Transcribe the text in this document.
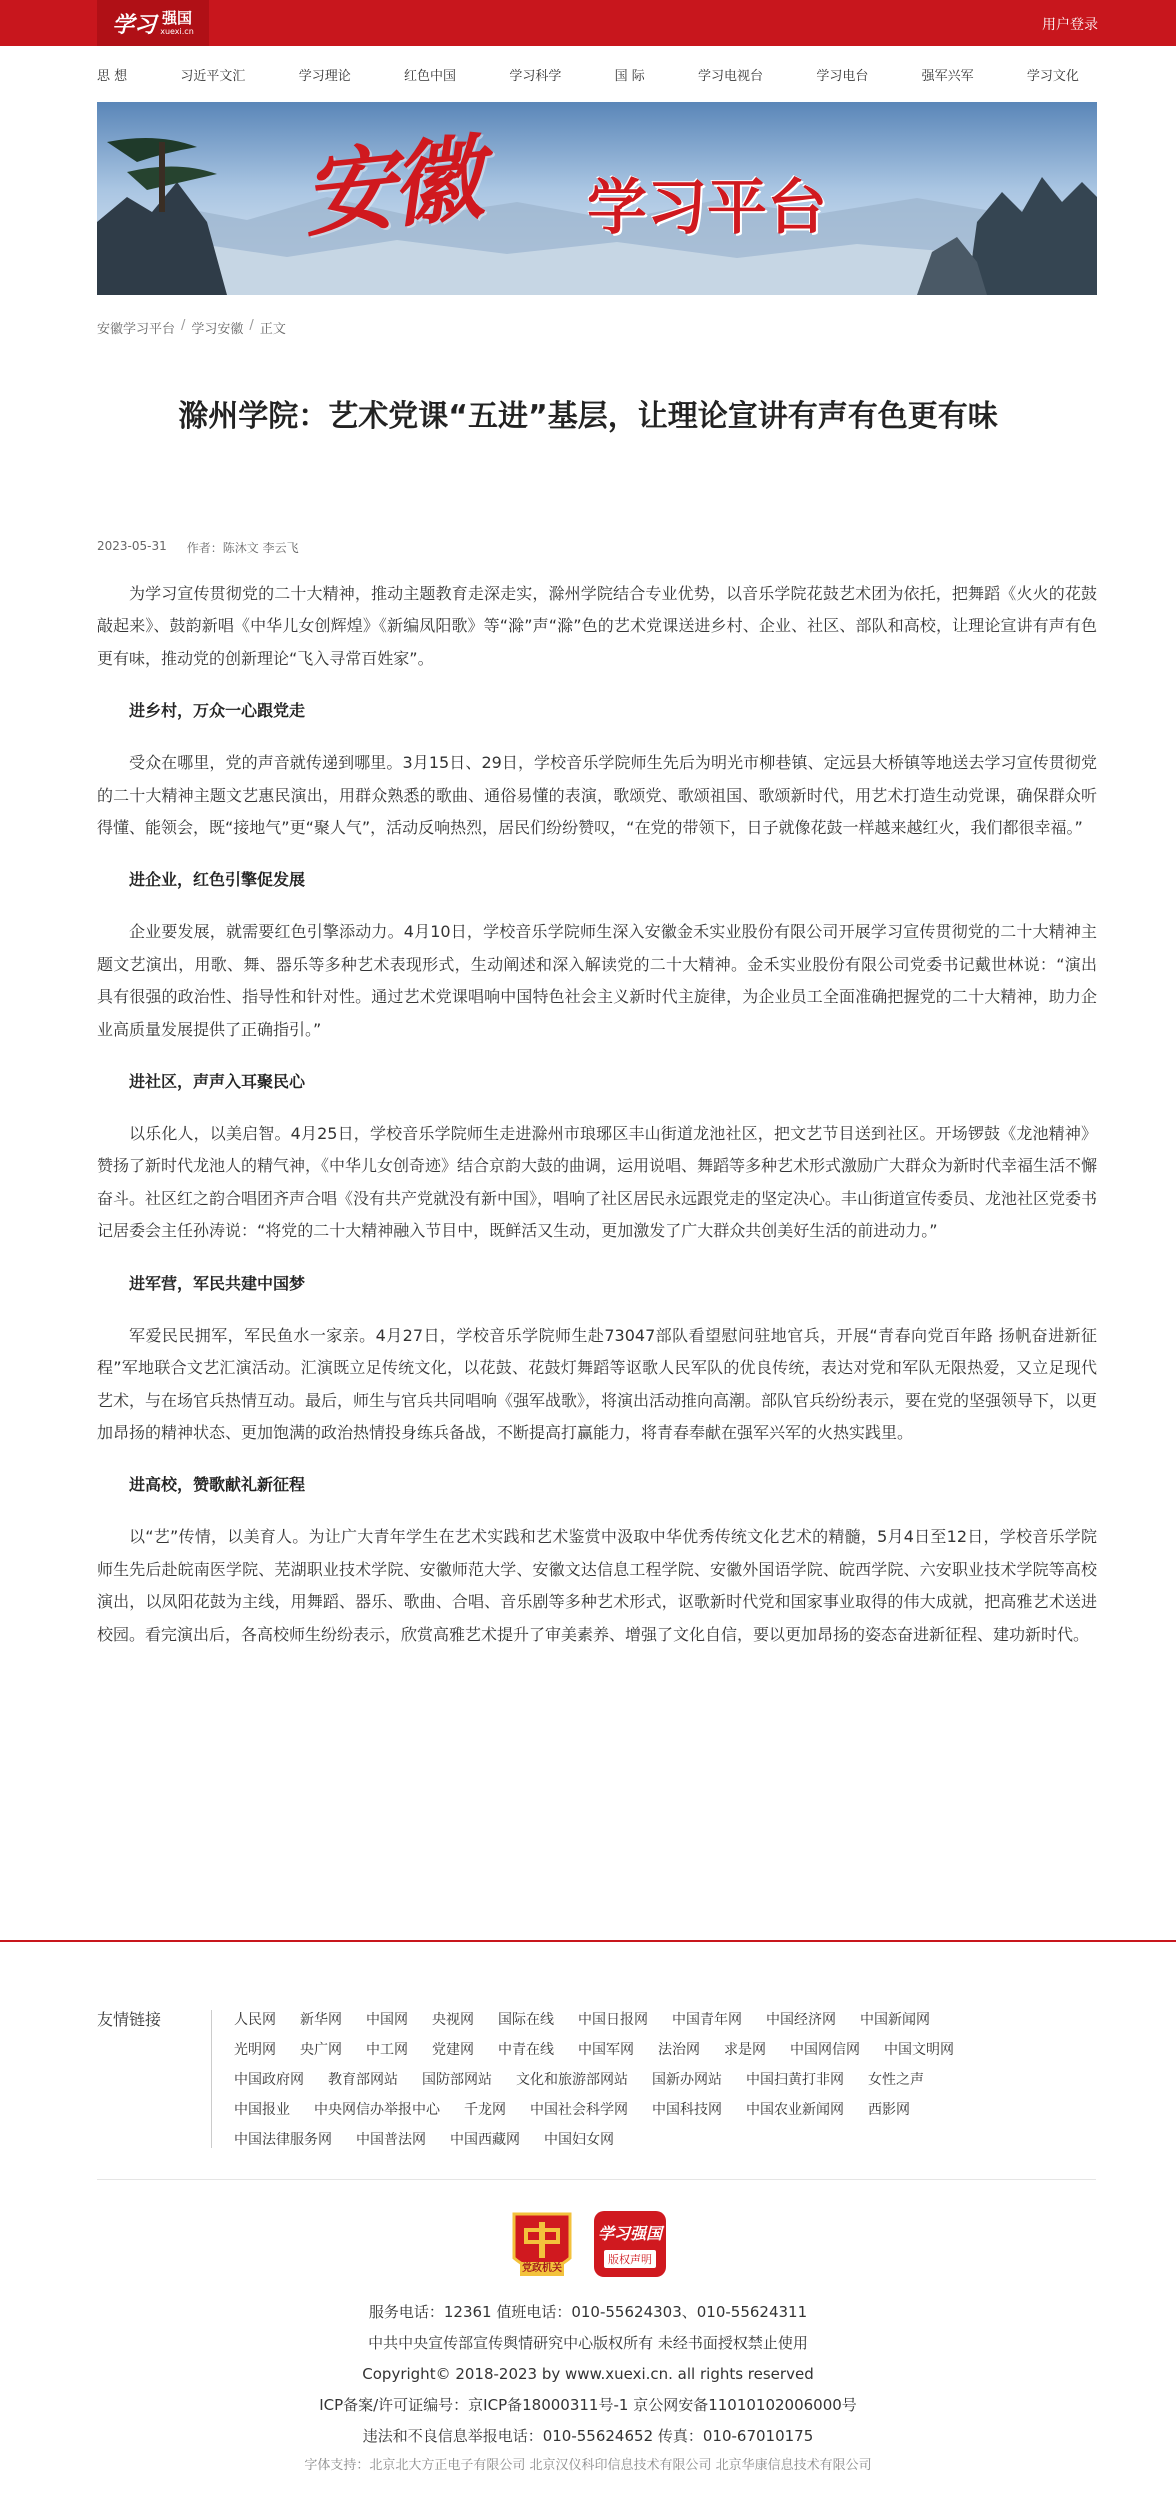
学习 强国
xuexi.cn	用户登录
思 想	习近平文汇	学习理论	红色中国	学习科学	国 际	学习电视台	学习电台	强军兴军	学习文化
安徽 学习平台
安徽学习平台 / 学习安徽 / 正文
滁州学院：艺术党课“五进”基层，让理论宣讲有声有色更有味
2023-05-31 作者：陈沐文 李云飞

为学习宣传贯彻党的二十大精神，推动主题教育走深走实，滁州学院结合专业优势，以音乐学院花鼓艺术团为依托，把舞蹈《火火的花鼓敲起来》、鼓韵新唱《中华儿女创辉煌》《新编凤阳歌》等“滁”声“滁”色的艺术党课送进乡村、企业、社区、部队和高校，让理论宣讲有声有色更有味，推动党的创新理论“飞入寻常百姓家”。

进乡村，万众一心跟党走

受众在哪里，党的声音就传递到哪里。3月15日、29日，学校音乐学院师生先后为明光市柳巷镇、定远县大桥镇等地送去学习宣传贯彻党的二十大精神主题文艺惠民演出，用群众熟悉的歌曲、通俗易懂的表演，歌颂党、歌颂祖国、歌颂新时代，用艺术打造生动党课，确保群众听得懂、能领会，既“接地气”更“聚人气”，活动反响热烈，居民们纷纷赞叹，“在党的带领下，日子就像花鼓一样越来越红火，我们都很幸福。”

进企业，红色引擎促发展

企业要发展，就需要红色引擎添动力。4月10日，学校音乐学院师生深入安徽金禾实业股份有限公司开展学习宣传贯彻党的二十大精神主题文艺演出，用歌、舞、器乐等多种艺术表现形式，生动阐述和深入解读党的二十大精神。金禾实业股份有限公司党委书记戴世林说：“演出具有很强的政治性、指导性和针对性。通过艺术党课唱响中国特色社会主义新时代主旋律，为企业员工全面准确把握党的二十大精神，助力企业高质量发展提供了正确指引。”

进社区，声声入耳聚民心

以乐化人，以美启智。4月25日，学校音乐学院师生走进滁州市琅琊区丰山街道龙池社区，把文艺节目送到社区。开场锣鼓《龙池精神》赞扬了新时代龙池人的精气神，《中华儿女创奇迹》结合京韵大鼓的曲调，运用说唱、舞蹈等多种艺术形式激励广大群众为新时代幸福生活不懈奋斗。社区红之韵合唱团齐声合唱《没有共产党就没有新中国》，唱响了社区居民永远跟党走的坚定决心。丰山街道宣传委员、龙池社区党委书记居委会主任孙涛说：“将党的二十大精神融入节目中，既鲜活又生动，更加激发了广大群众共创美好生活的前进动力。”

进军营，军民共建中国梦

军爱民民拥军，军民鱼水一家亲。4月27日，学校音乐学院师生赴73047部队看望慰问驻地官兵，开展“青春向党百年路 扬帆奋进新征程”军地联合文艺汇演活动。汇演既立足传统文化，以花鼓、花鼓灯舞蹈等讴歌人民军队的优良传统，表达对党和军队无限热爱，又立足现代艺术，与在场官兵热情互动。最后，师生与官兵共同唱响《强军战歌》，将演出活动推向高潮。部队官兵纷纷表示，要在党的坚强领导下，以更加昂扬的精神状态、更加饱满的政治热情投身练兵备战，不断提高打赢能力，将青春奉献在强军兴军的火热实践里。

进高校，赞歌献礼新征程

以“艺”传情，以美育人。为让广大青年学生在艺术实践和艺术鉴赏中汲取中华优秀传统文化艺术的精髓，5月4日至12日，学校音乐学院师生先后赴皖南医学院、芜湖职业技术学院、安徽师范大学、安徽文达信息工程学院、安徽外国语学院、皖西学院、六安职业技术学院等高校演出，以凤阳花鼓为主线，用舞蹈、器乐、歌曲、合唱、音乐剧等多种艺术形式，讴歌新时代党和国家事业取得的伟大成就，把高雅艺术送进校园。看完演出后，各高校师生纷纷表示，欣赏高雅艺术提升了审美素养、增强了文化自信，要以更加昂扬的姿态奋进新征程、建功新时代。

友情链接	人民网 新华网 中国网 央视网 国际在线 中国日报网 中国青年网 中国经济网 中国新闻网
光明网 央广网 中工网 党建网 中青在线 中国军网 法治网 求是网 中国网信网 中国文明网
中国政府网 教育部网站 国防部网站 文化和旅游部网站 国新办网站 中国扫黄打非网 女性之声
中国报业 中央网信办举报中心 千龙网 中国社会科学网 中国科技网 中国农业新闻网 西影网
中国法律服务网 中国普法网 中国西藏网 中国妇女网
党政机关
学习强国
版权声明
服务电话：12361 值班电话：010-55624303、010-55624311
中共中央宣传部宣传舆情研究中心版权所有 未经书面授权禁止使用
Copyright© 2018-2023 by www.xuexi.cn. all rights reserved
ICP备案/许可证编号：京ICP备18000311号-1 京公网安备11010102006000号
违法和不良信息举报电话：010-55624652 传真：010-67010175
字体支持：北京北大方正电子有限公司 北京汉仪科印信息技术有限公司 北京华康信息技术有限公司
